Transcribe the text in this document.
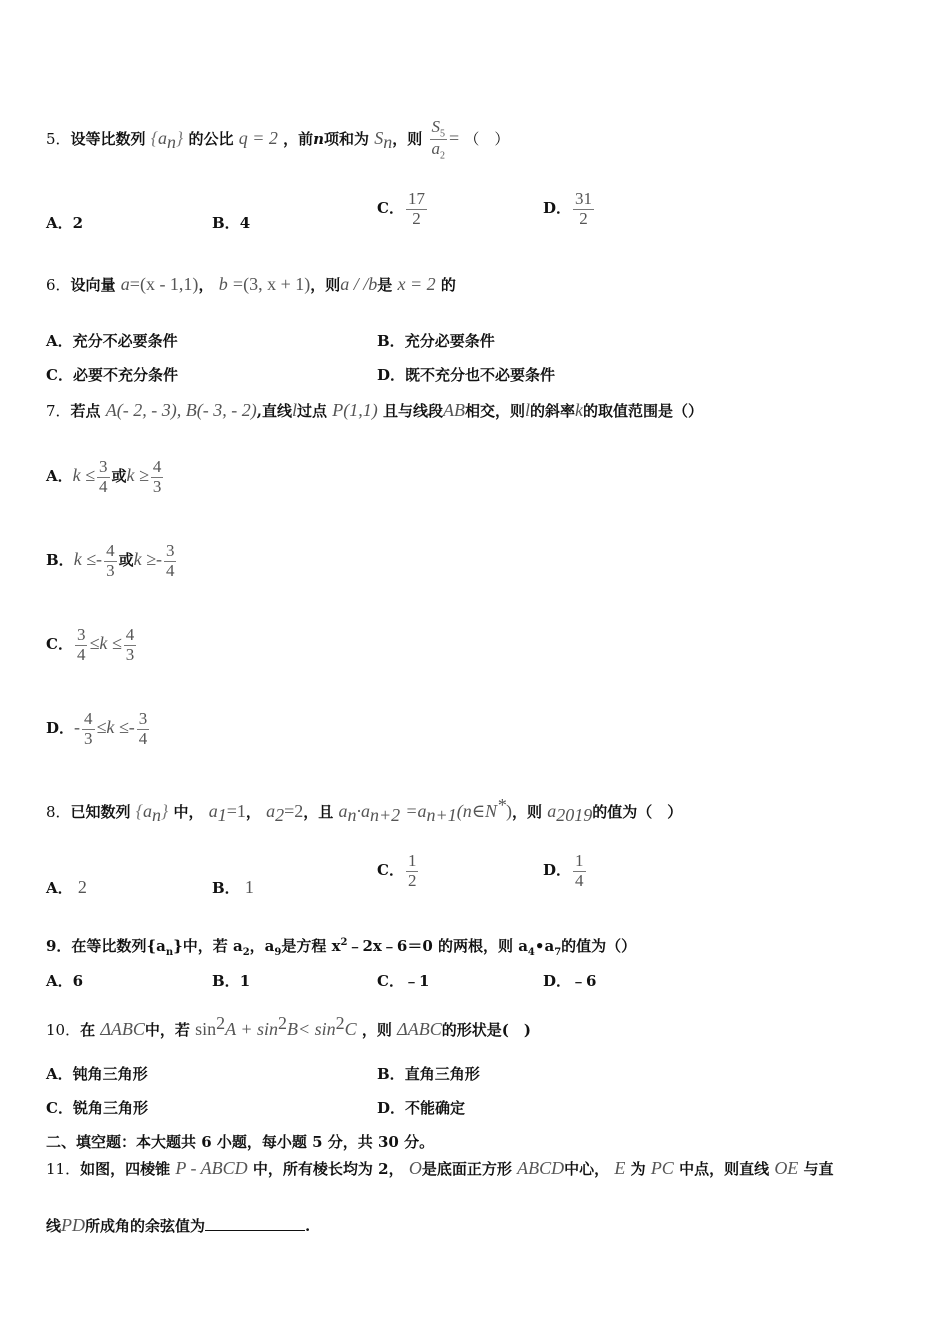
5．设等比数列 $\{a_n\}$ 的公比 q = 2 ，前n项和为 $S_n$，则 $\frac{S_5}{a_2}$ = （　）
A．2	B．4
C． $\frac{17}{2}$	D． $\frac{31}{2}$
6．设向量 a=(x - 1,1)， b =(3, x + 1)，则a / /b是 x = 2 的
A．充分不必要条件	B．充分必要条件
C．必要不充分条件	D．既不充分也不必要条件
7．若点 A(- 2, - 3), B(- 3, - 2),直线l过点 P(1,1) 且与线段AB相交，则l的斜率k的取值范围是（）
A．$k \le \frac{3}{4}$ 或$k \ge \frac{4}{3}$
B．$k \le- \frac{4}{3}$ 或$k \ge- \frac{3}{4}$
C． $\frac{3}{4} \le k \le \frac{4}{3}$
D．- $\frac{4}{3} \le k \le- \frac{3}{4}$
8．已知数列 $\{a_n\}$ 中， $a_1=1$， $a_2=2$，且 $a_n\cdot a_{n+2}$ $=a_{n+1}(n\in N^*)$，则 $a_{2019}$的值为（　）
A． 2	B． 1
C． $\frac{1}{2}$	D． $\frac{1}{4}$
9．在等比数列$\{a_n\}$中，若 $a_2$，$a_9$是方程 $x^2﹣2x﹣6=0$ 的两根，则 $a_4•a_7$的值为（）
A．6	B．1	C．﹣1	D．﹣6
10．在 ΔABC中，若 $\sin^2A + \sin^2B< \sin^2C$ ，则 ΔABC的形状是(　)
A．钝角三角形	B．直角三角形
C．锐角三角形	D．不能确定
二、填空题：本大题共 6 小题，每小题 5 分，共 30 分。
11．如图，四棱锥 P - ABCD 中，所有棱长均为 2， O是底面正方形 ABCD中心， E 为 PC 中点，则直线 OE 与直
线PD所成角的余弦值为	.
